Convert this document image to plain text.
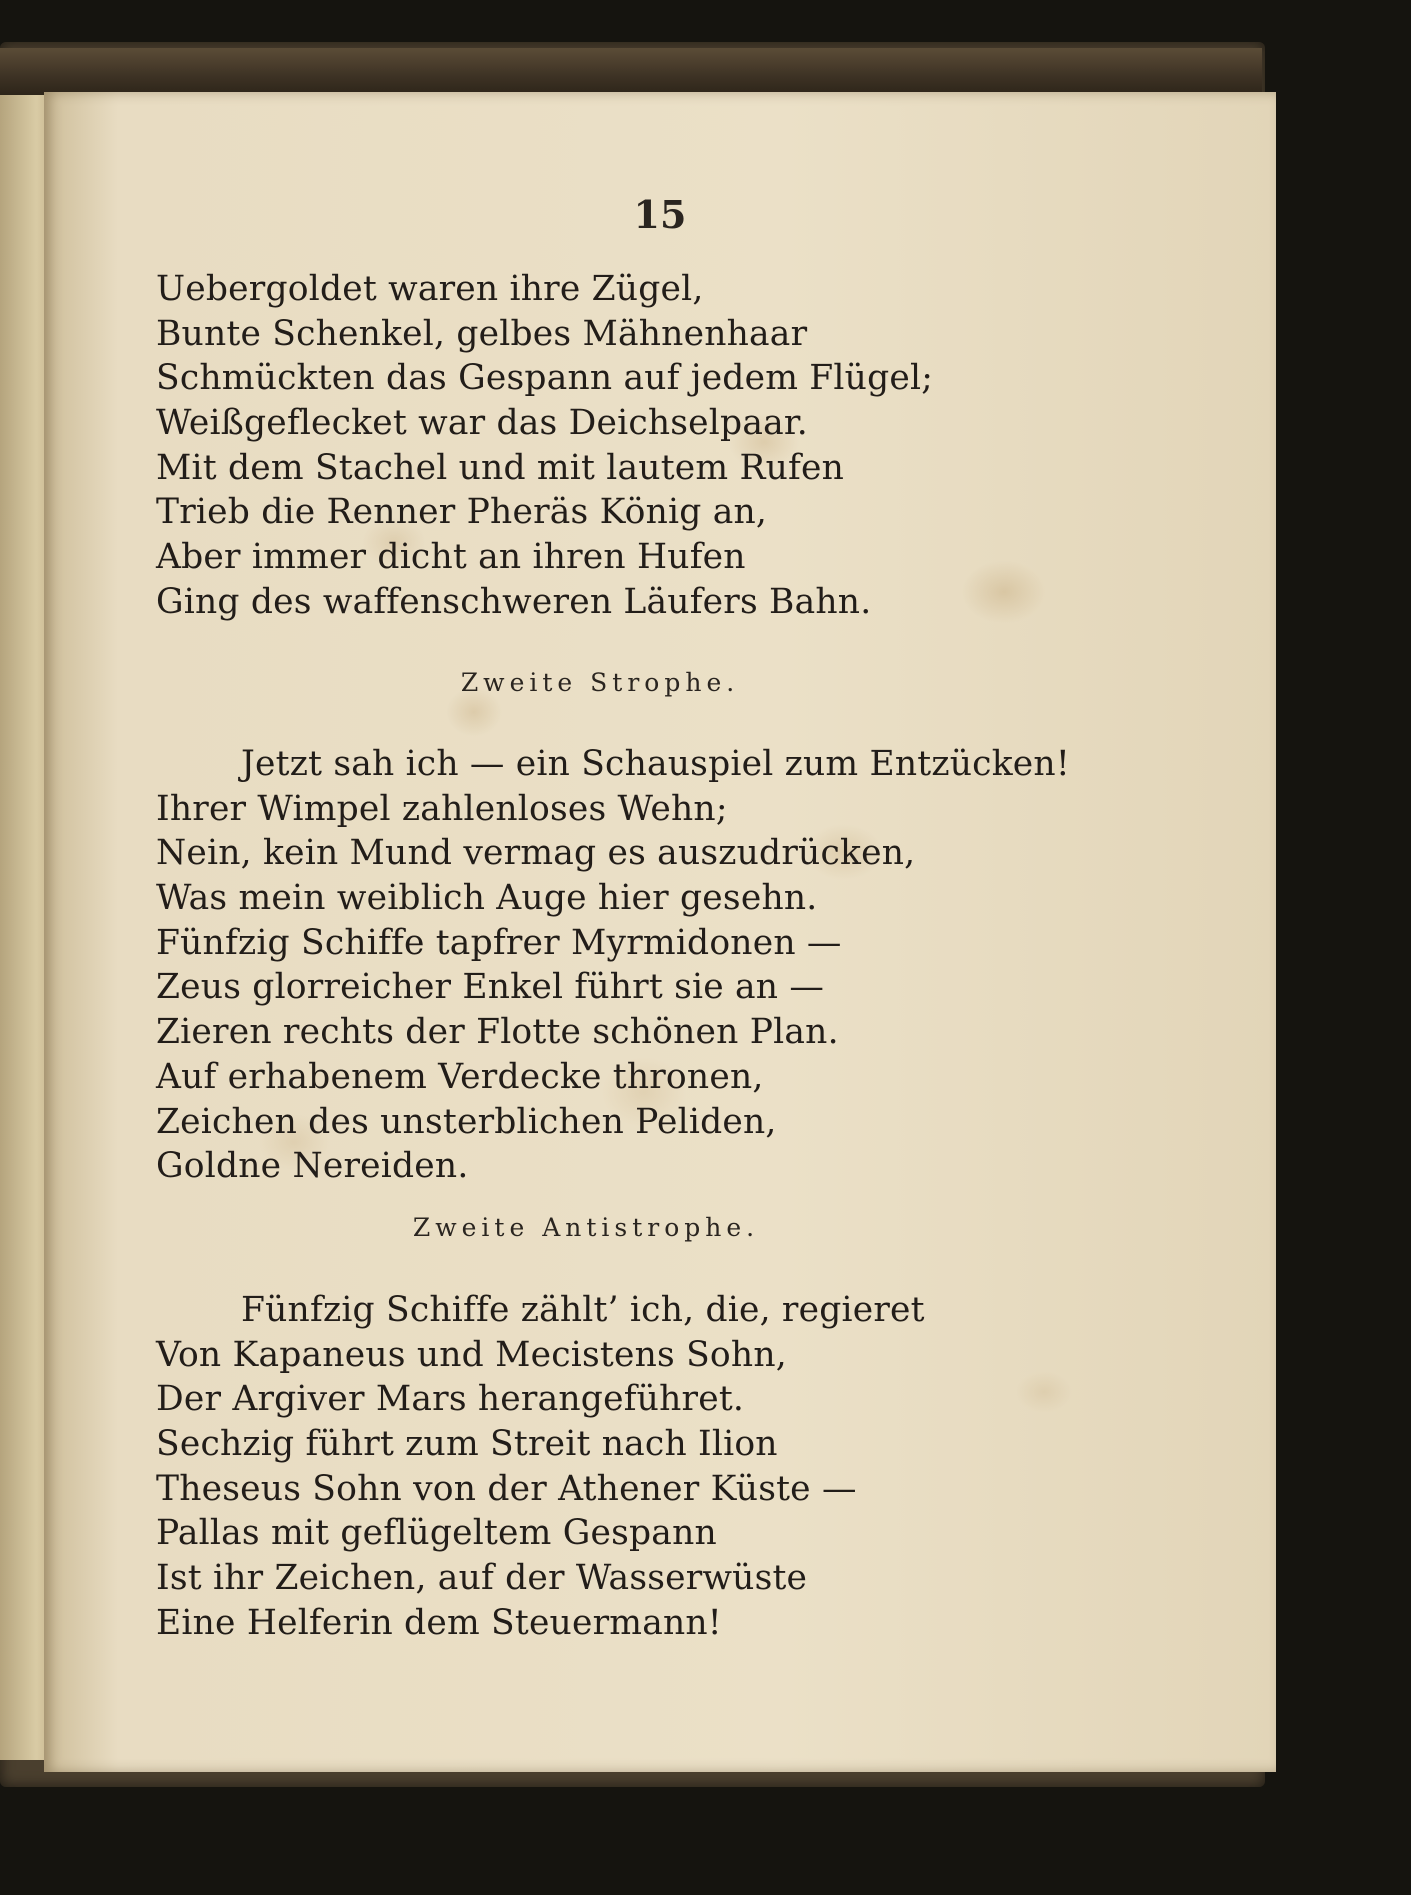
15
Uebergoldet waren ihre Zügel,
Bunte Schenkel, gelbes Mähnenhaar
Schmückten das Gespann auf jedem Flügel;
Weißgeflecket war das Deichselpaar.
Mit dem Stachel und mit lautem Rufen
Trieb die Renner Pheräs König an,
Aber immer dicht an ihren Hufen
Ging des waffenschweren Läufers Bahn.
Zweite Strophe.
Jetzt sah ich — ein Schauspiel zum Entzücken!
Ihrer Wimpel zahlenloses Wehn;
Nein, kein Mund vermag es auszudrücken,
Was mein weiblich Auge hier gesehn.
Fünfzig Schiffe tapfrer Myrmidonen —
Zeus glorreicher Enkel führt sie an —
Zieren rechts der Flotte schönen Plan.
Auf erhabenem Verdecke thronen,
Zeichen des unsterblichen Peliden,
Goldne Nereiden.
Zweite Antistrophe.
Fünfzig Schiffe zählt’ ich, die, regieret
Von Kapaneus und Mecistens Sohn,
Der Argiver Mars herangeführet.
Sechzig führt zum Streit nach Ilion
Theseus Sohn von der Athener Küste —
Pallas mit geflügeltem Gespann
Ist ihr Zeichen, auf der Wasserwüste
Eine Helferin dem Steuermann!
